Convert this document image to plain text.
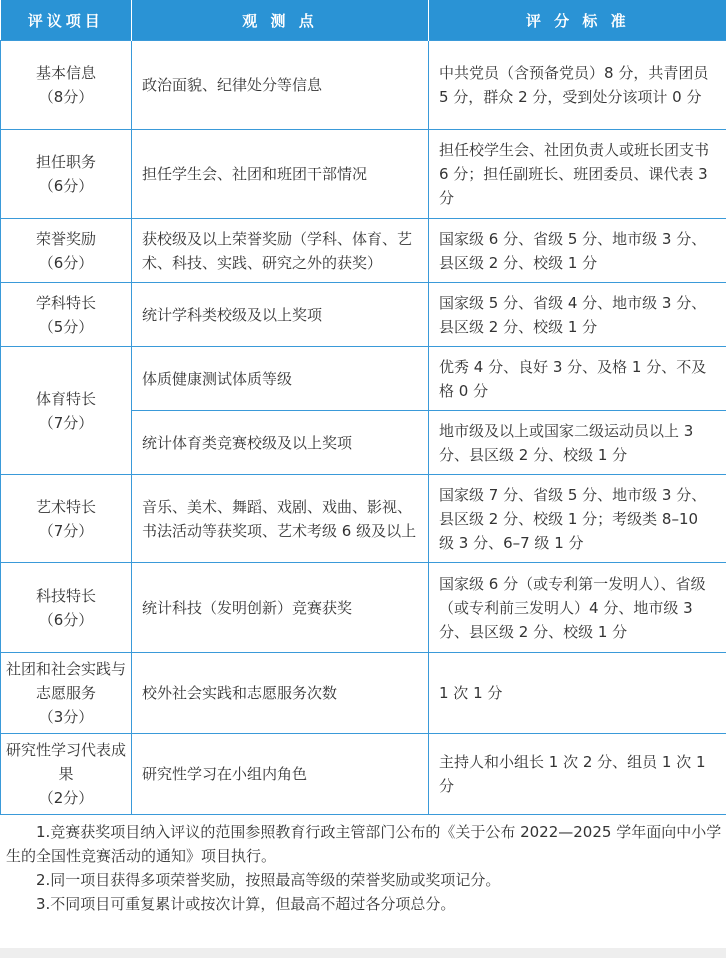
评议项目	观 测 点	评 分 标 准
基本信息
（8分）	政治面貌、纪律处分等信息	中共党员（含预备党员）8 分，共青团员 5 分，群众 2 分，受到处分该项计 0 分
担任职务
（6分）	担任学生会、社团和班团干部情况	担任校学生会、社团负责人或班长团支书 6 分；担任副班长、班团委员、课代表 3 分
荣誉奖励
（6分）	获校级及以上荣誉奖励（学科、体育、艺术、科技、实践、研究之外的获奖）	国家级 6 分、省级 5 分、地市级 3 分、县区级 2 分、校级 1 分
学科特长
（5分）	统计学科类校级及以上奖项	国家级 5 分、省级 4 分、地市级 3 分、县区级 2 分、校级 1 分
体育特长
（7分）	体质健康测试体质等级	优秀 4 分、良好 3 分、及格 1 分、不及格 0 分
	统计体育类竞赛校级及以上奖项	地市级及以上或国家二级运动员以上 3 分、县区级 2 分、校级 1 分
艺术特长
（7分）	音乐、美术、舞蹈、戏剧、戏曲、影视、书法活动等获奖项、艺术考级 6 级及以上	国家级 7 分、省级 5 分、地市级 3 分、县区级 2 分、校级 1 分；考级类 8–10 级 3 分、6–7 级 1 分
科技特长
（6分）	统计科技（发明创新）竞赛获奖	国家级 6 分（或专利第一发明人）、省级（或专利前三发明人）4 分、地市级 3 分、县区级 2 分、校级 1 分
社团和社会实践与志愿服务
（3分）	校外社会实践和志愿服务次数	1 次 1 分
研究性学习代表成果
（2分）	研究性学习在小组内角色	主持人和小组长 1 次 2 分、组员 1 次 1 分

1.竞赛获奖项目纳入评议的范围参照教育行政主管部门公布的《关于公布 2022—2025 学年面向中小学生的全国性竞赛活动的通知》项目执行。

2.同一项目获得多项荣誉奖励，按照最高等级的荣誉奖励或奖项记分。

3.不同项目可重复累计或按次计算，但最高不超过各分项总分。
